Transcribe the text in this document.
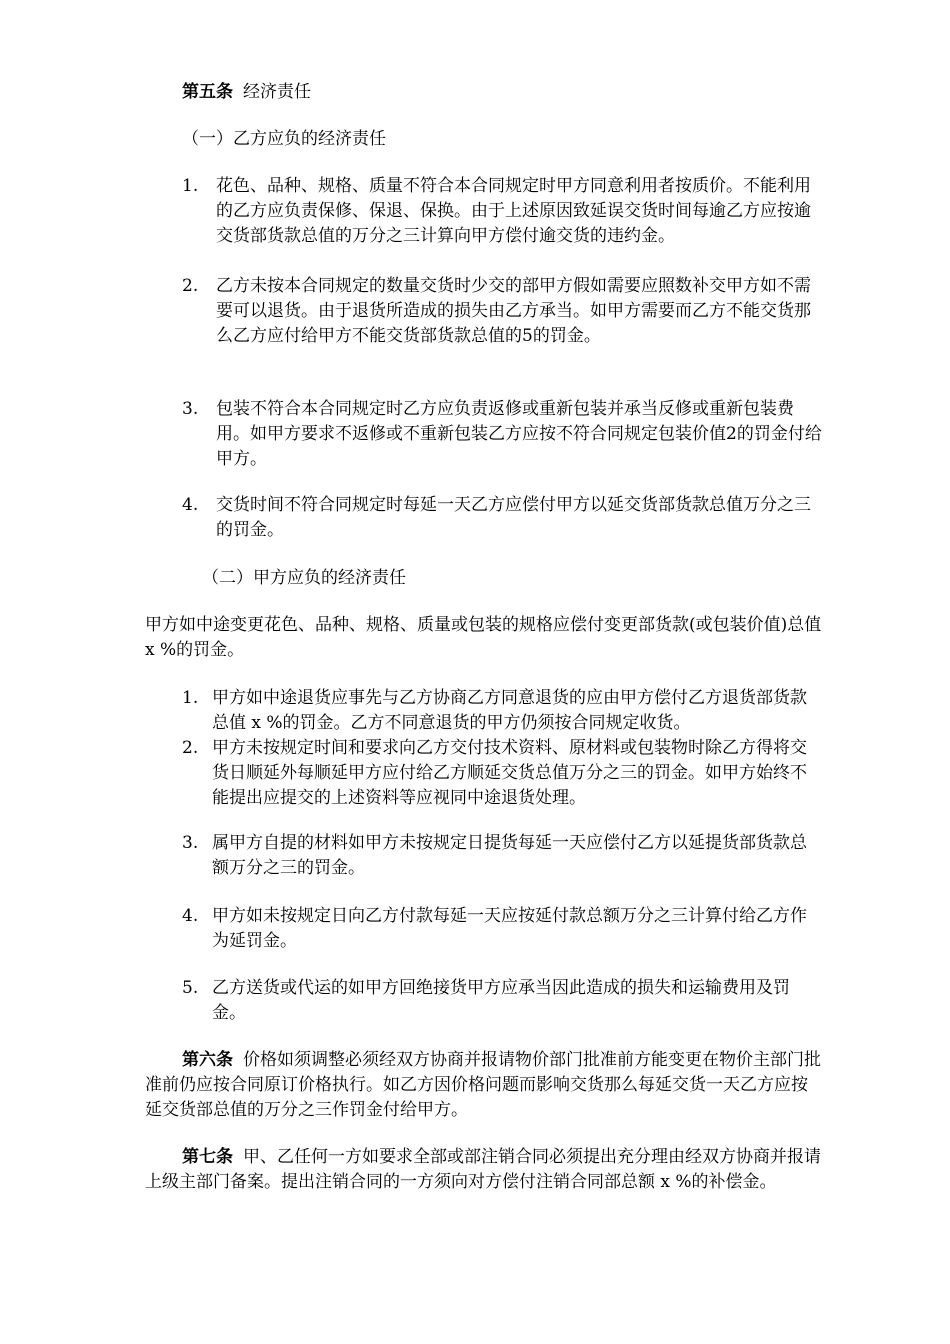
第五条 经济责任
（一）乙方应负的经济责任
1.	花色、品种、规格、质量不符合本合同规定时甲方同意利用者按质价。不能利用的乙方应负责保修、保退、保换。由于上述原因致延误交货时间每逾乙方应按逾交货部货款总值的万分之三计算向甲方偿付逾交货的违约金。
2.	乙方未按本合同规定的数量交货时少交的部甲方假如需要应照数补交甲方如不需要可以退货。由于退货所造成的损失由乙方承当。如甲方需要而乙方不能交货那么乙方应付给甲方不能交货部货款总值的5的罚金。
3.	包装不符合本合同规定时乙方应负责返修或重新包装并承当反修或重新包装费用。如甲方要求不返修或不重新包装乙方应按不符合同规定包装价值2的罚金付给甲方。
4.	交货时间不符合同规定时每延一天乙方应偿付甲方以延交货部货款总值万分之三的罚金。
（二）甲方应负的经济责任
甲方如中途变更花色、品种、规格、质量或包装的规格应偿付变更部货款(或包装价值)总值 x %的罚金。
1. 甲方如中途退货应事先与乙方协商乙方同意退货的应由甲方偿付乙方退货部货款总值 x %的罚金。乙方不同意退货的甲方仍须按合同规定收货。
2. 甲方未按规定时间和要求向乙方交付技术资料、原材料或包装物时除乙方得将交货日顺延外每顺延甲方应付给乙方顺延交货总值万分之三的罚金。如甲方始终不能提出应提交的上述资料等应视同中途退货处理。
3. 属甲方自提的材料如甲方未按规定日提货每延一天应偿付乙方以延提货部货款总额万分之三的罚金。
4. 甲方如未按规定日向乙方付款每延一天应按延付款总额万分之三计算付给乙方作为延罚金。
5. 乙方送货或代运的如甲方回绝接货甲方应承当因此造成的损失和运输费用及罚金。
第六条 价格如须调整必须经双方协商并报请物价部门批准前方能变更在物价主部门批准前仍应按合同原订价格执行。如乙方因价格问题而影响交货那么每延交货一天乙方应按延交货部总值的万分之三作罚金付给甲方。
第七条 甲、乙任何一方如要求全部或部注销合同必须提出充分理由经双方协商并报请上级主部门备案。提出注销合同的一方须向对方偿付注销合同部总额 x %的补偿金。
